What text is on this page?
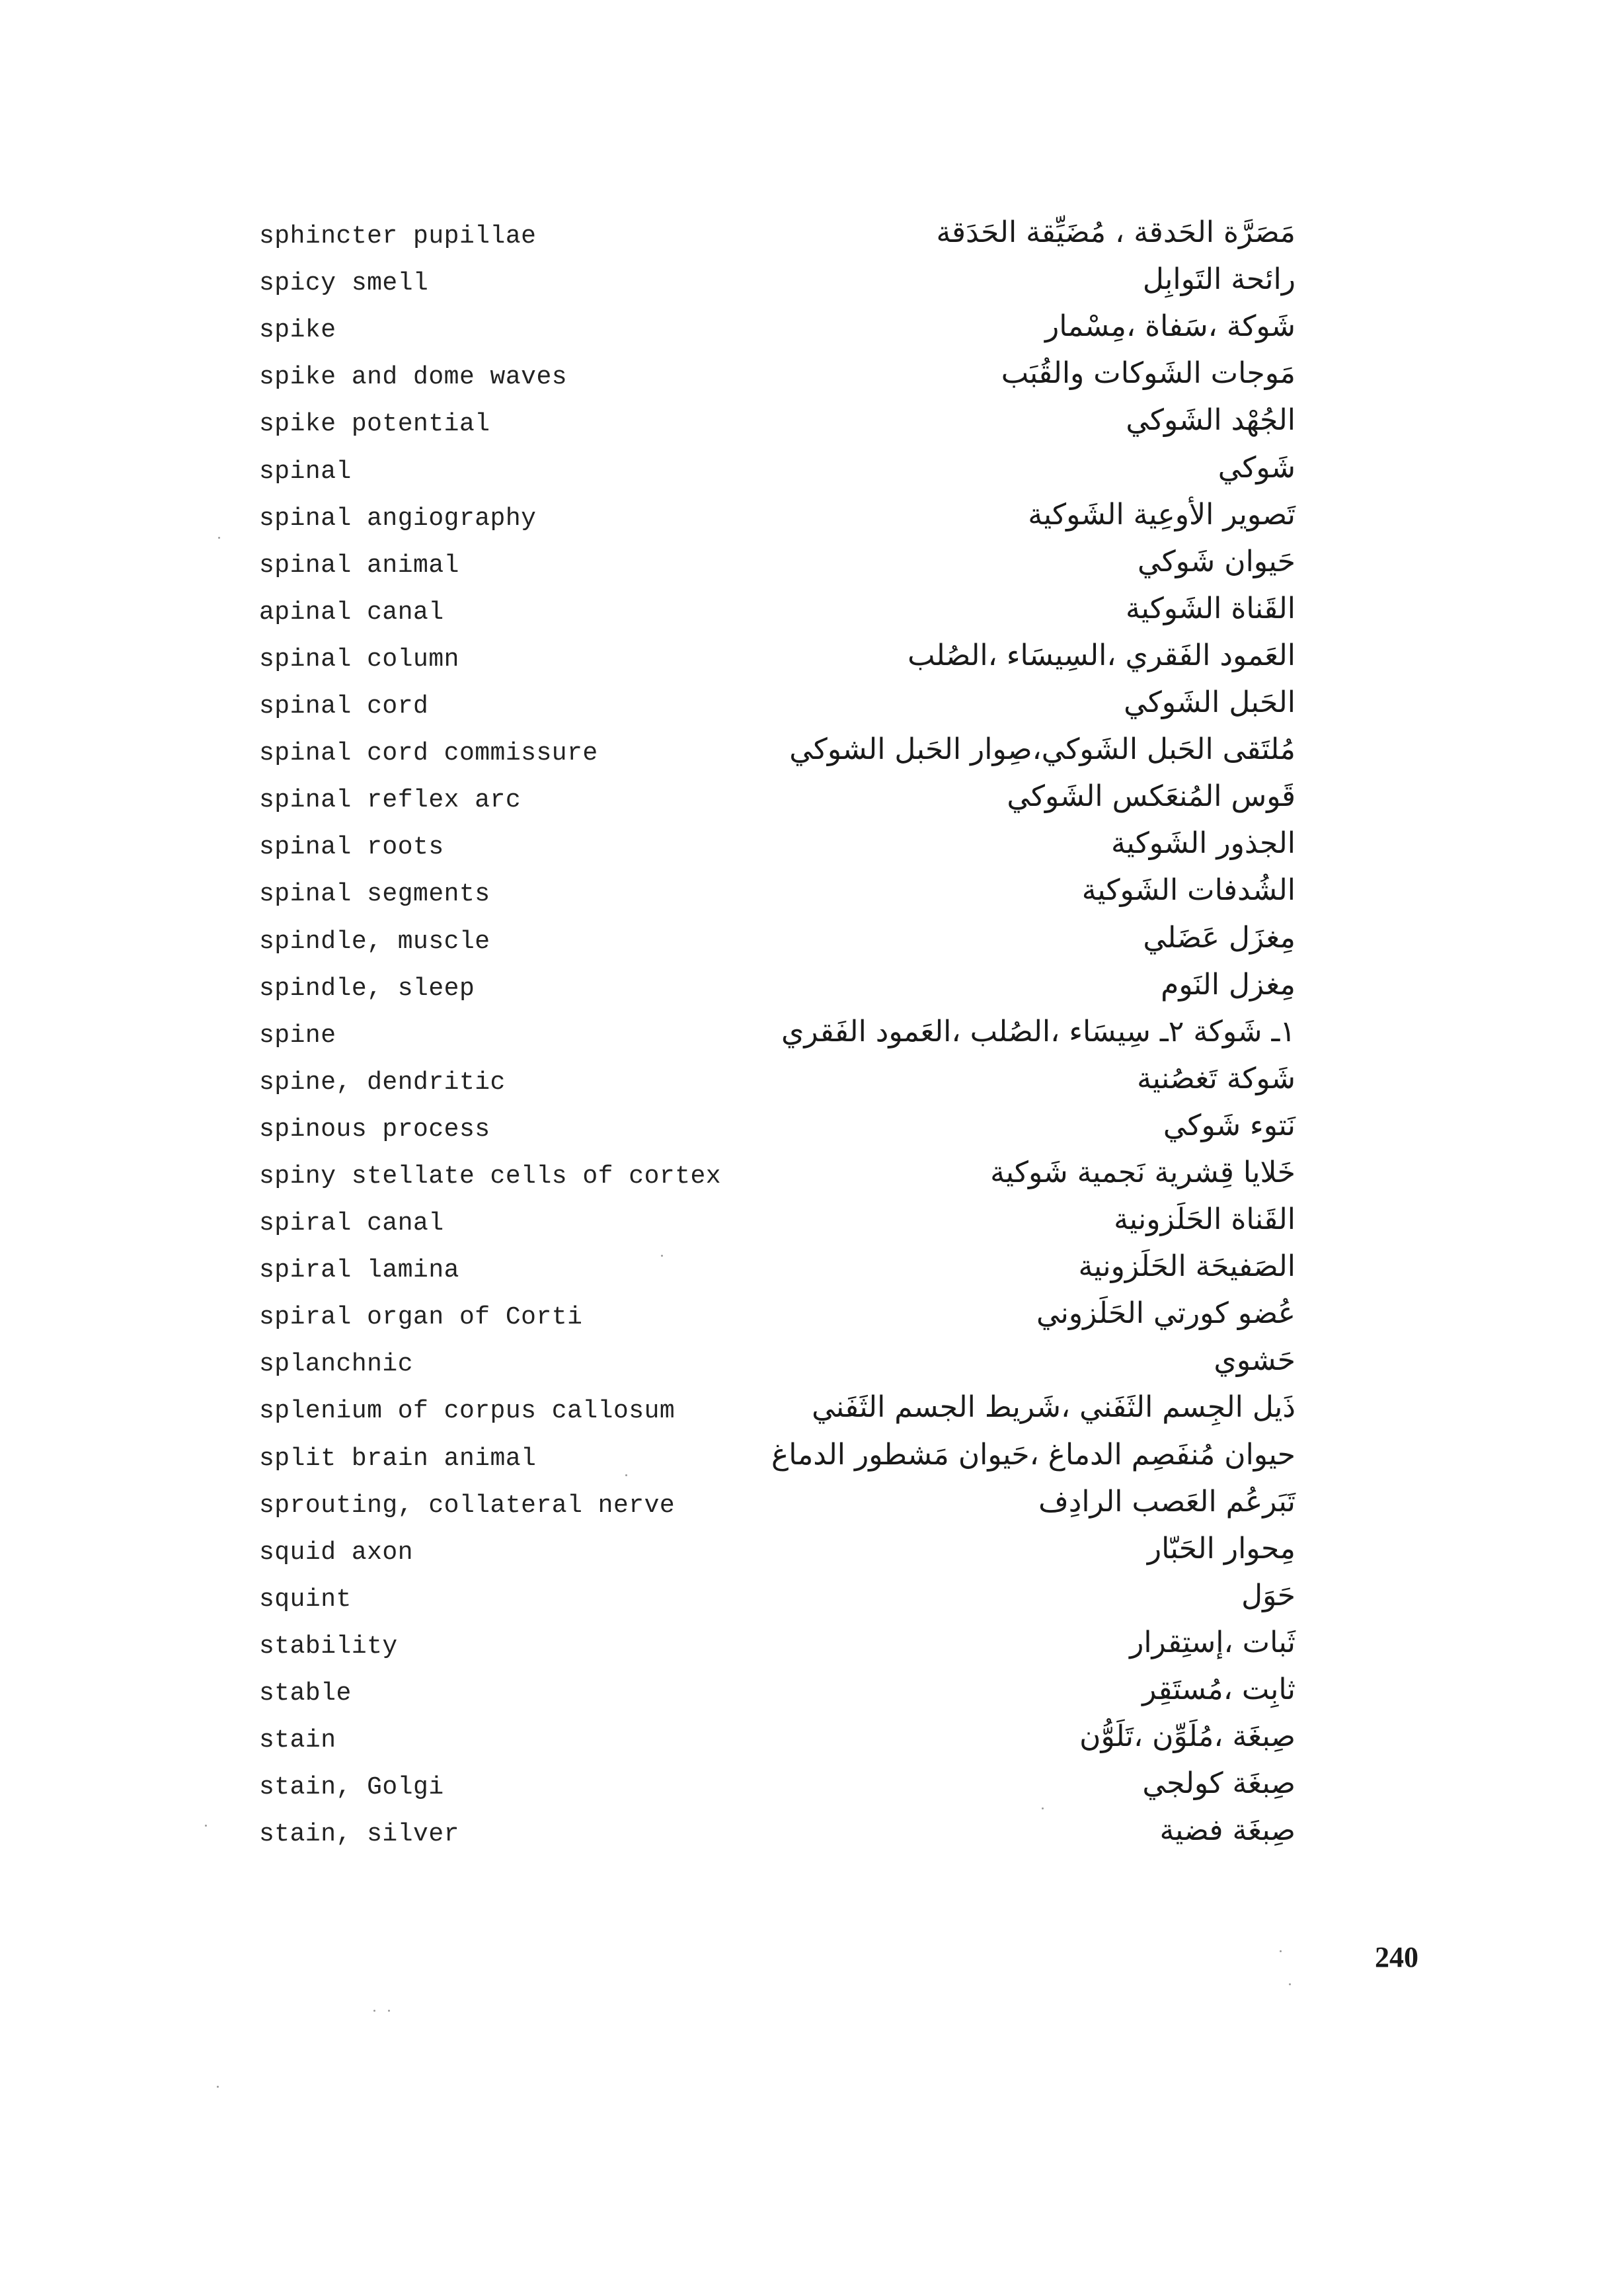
sphincter pupillae	مَصَرَّة الحَدقة ، مُضَيِّقة الحَدَقة
spicy smell	رائحة التَوابِل
spike	شَوكة ،سَفاة ،مِسْمار
spike and dome waves	مَوجات الشَوكات والقُبَب
spike potential	الجُهْد الشَوكي
spinal	شَوكي
spinal angiography	تَصوير الأوعِية الشَوكية
spinal animal	حَيوان شَوكي
apinal canal	القَناة الشَوكية
spinal column	العَمود الفَقري ،السِيسَاء ،الصُلب
spinal cord	الحَبل الشَوكي
spinal cord commissure	مُلتَقى الحَبل الشَوكي،صِوار الحَبل الشوكي
spinal reflex arc	قَوس المُنعَكس الشَوكي
spinal roots	الجذور الشَوكية
spinal segments	الشُدفات الشَوكية
spindle, muscle	مِغزَل عَضَلي
spindle, sleep	مِغزل النَوم
spine	١ـ شَوكة ٢ـ سِيسَاء ،الصُلب ،العَمود الفَقري
spine, dendritic	شَوكة تَغصُنية
spinous process	نَتوء شَوكي
spiny stellate cells of cortex	خَلايا قِشرية نَجمية شَوكية
spiral canal	القَناة الحَلَزونية
spiral lamina	الصَفيحَة الحَلَزونية
spiral organ of Corti	عُضو كورتي الحَلَزوني
splanchnic	حَشوي
splenium of corpus callosum	ذَيل الجِسم الثَفَني ،شَريط الجسم الثَفَني
split brain animal	حيوان مُنفَصِم الدماغ ،حَيوان مَشطور الدماغ
sprouting, collateral nerve	تَبَرعُم العَصب الرادِف
squid axon	مِحوار الحَبّار
squint	حَوَل
stability	ثَبات ،إستِقرار
stable	ثابِت ،مُستَقِر
stain	صِبغَة ،مُلَوِّن ،تَلَوُّن
stain, Golgi	صِبغَة كولجي
stain, silver	صِبغَة فضية
240
